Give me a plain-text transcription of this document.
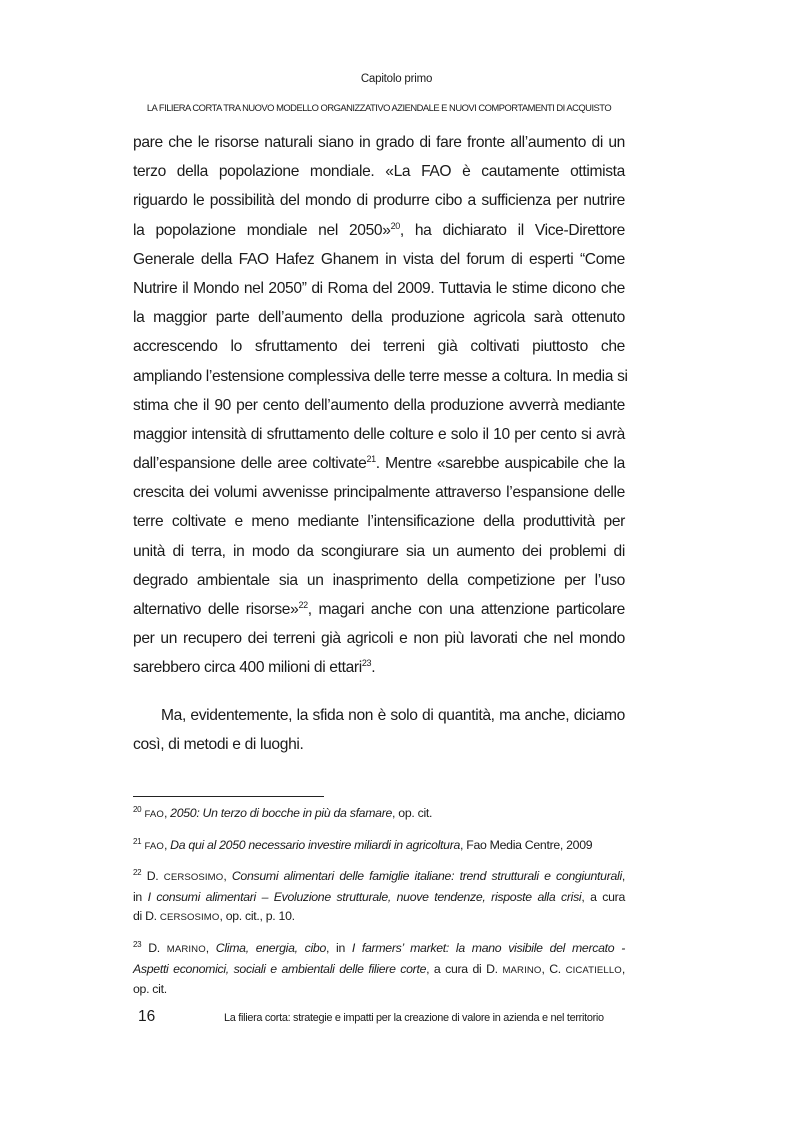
Capitolo primo
LA FILIERA CORTA TRA NUOVO MODELLO ORGANIZZATIVO AZIENDALE E NUOVI COMPORTAMENTI DI ACQUISTO
pare che le risorse naturali siano in grado di fare fronte all’aumento di un
terzo della popolazione mondiale. «La FAO è cautamente ottimista
riguardo le possibilità del mondo di produrre cibo a sufficienza per nutrire
la popolazione mondiale nel 2050»$^{20}$, ha dichiarato il Vice-Direttore
Generale della FAO Hafez Ghanem in vista del forum di esperti “Come
Nutrire il Mondo nel 2050” di Roma del 2009. Tuttavia le stime dicono che
la maggior parte dell’aumento della produzione agricola sarà ottenuto
accrescendo lo sfruttamento dei terreni già coltivati piuttosto che
ampliando l’estensione complessiva delle terre messe a coltura. In media si
stima che il 90 per cento dell’aumento della produzione avverrà mediante
maggior intensità di sfruttamento delle colture e solo il 10 per cento si avrà
dall’espansione delle aree coltivate$^{21}$. Mentre «sarebbe auspicabile che la
crescita dei volumi avvenisse principalmente attraverso l’espansione delle
terre coltivate e meno mediante l’intensificazione della produttività per
unità di terra, in modo da scongiurare sia un aumento dei problemi di
degrado ambientale sia un inasprimento della competizione per l’uso
alternativo delle risorse»$^{22}$, magari anche con una attenzione particolare
per un recupero dei terreni già agricoli e non più lavorati che nel mondo
sarebbero circa 400 milioni di ettari$^{23}$.
Ma, evidentemente, la sfida non è solo di quantità, ma anche, diciamo
così, di metodi e di luoghi.
$^{20}$ FAO, 2050: Un terzo di bocche in più da sfamare, op. cit.
$^{21}$ FAO, Da qui al 2050 necessario investire miliardi in agricoltura, Fao Media Centre, 2009
$^{22}$ D. CERSOSIMO, Consumi alimentari delle famiglie italiane: trend strutturali e congiunturali,
in I consumi alimentari – Evoluzione strutturale, nuove tendenze, risposte alla crisi, a cura
di D. CERSOSIMO, op. cit., p. 10.
$^{23}$ D. MARINO, Clima, energia, cibo, in I farmers’ market: la mano visibile del mercato -
Aspetti economici, sociali e ambientali delle filiere corte, a cura di D. MARINO, C. CICATIELLO,
op. cit.
16	La filiera corta: strategie e impatti per la creazione di valore in azienda e nel territorio
